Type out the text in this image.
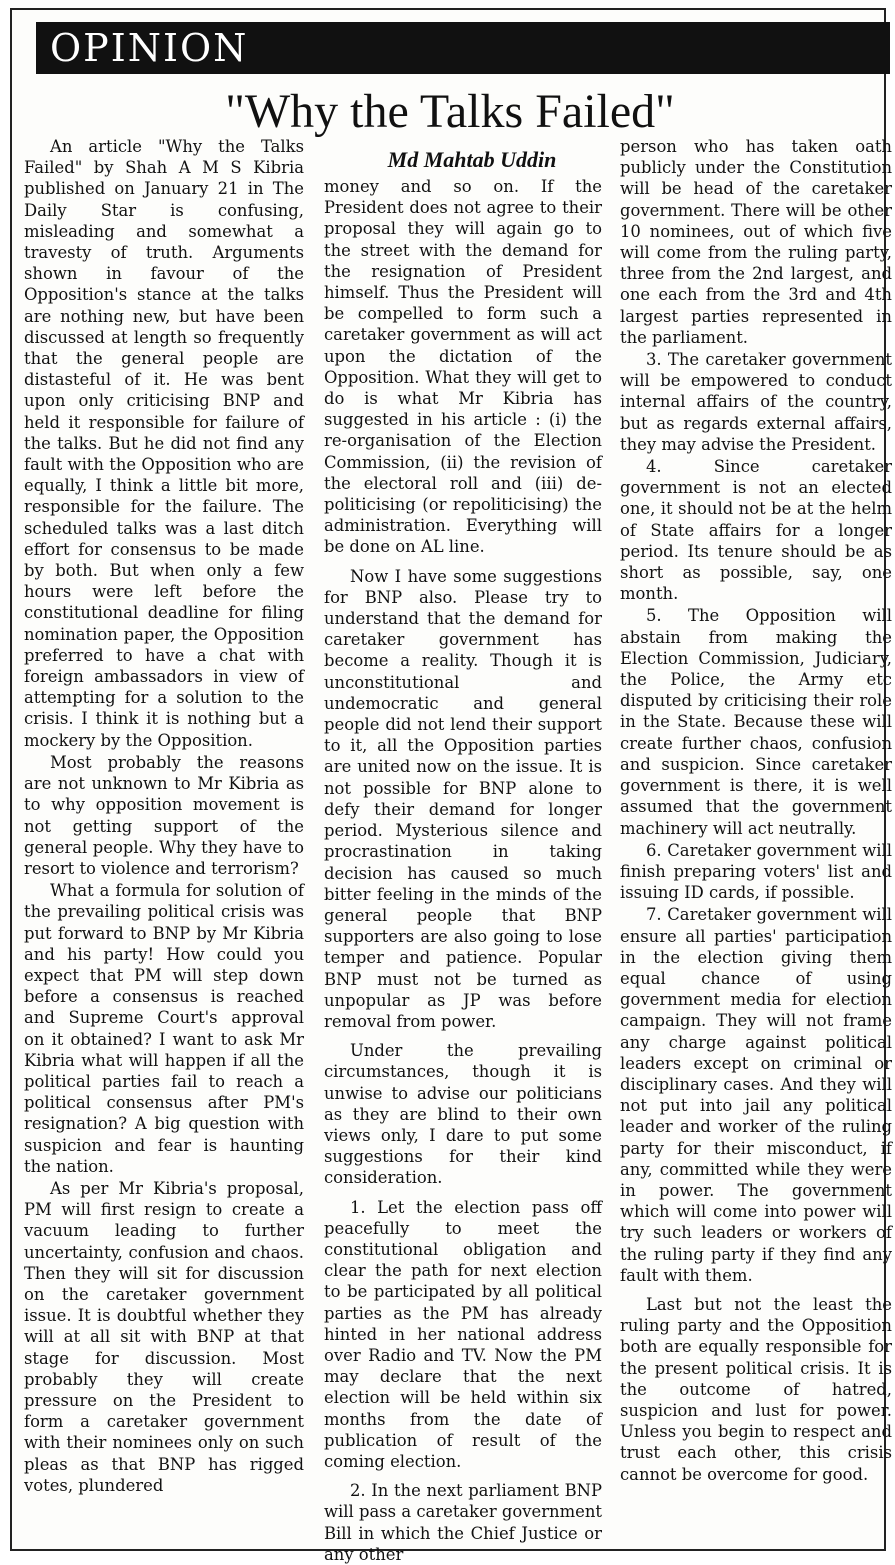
OPINION
"Why the Talks Failed"
Md Mahtab Uddin

An article "Why the Talks Failed" by Shah A M S Kibria published on January 21 in The Daily Star is confusing, misleading and somewhat a travesty of truth. Arguments shown in favour of the Opposition's stance at the talks are nothing new, but have been discussed at length so frequently that the general people are distasteful of it. He was bent upon only criticising BNP and held it responsible for failure of the talks. But he did not find any fault with the Opposition who are equally, I think a little bit more, responsible for the failure. The scheduled talks was a last ditch effort for consensus to be made by both. But when only a few hours were left before the constitutional deadline for filing nomination paper, the Opposition preferred to have a chat with foreign ambassadors in view of attempting for a solution to the crisis. I think it is nothing but a mockery by the Opposition.

Most probably the reasons are not unknown to Mr Kibria as to why opposition movement is not getting support of the general people. Why they have to resort to violence and terrorism?

What a formula for solution of the prevailing political crisis was put forward to BNP by Mr Kibria and his party! How could you expect that PM will step down before a consensus is reached and Supreme Court's approval on it obtained? I want to ask Mr Kibria what will happen if all the political parties fail to reach a political consensus after PM's resignation? A big question with suspicion and fear is haunting the nation.

As per Mr Kibria's proposal, PM will first resign to create a vacuum leading to further uncertainty, confusion and chaos. Then they will sit for discussion on the caretaker government issue. It is doubtful whether they will at all sit with BNP at that stage for discussion. Most probably they will create pressure on the President to form a caretaker government with their nominees only on such pleas as that BNP has rigged votes, plundered

money and so on. If the President does not agree to their proposal they will again go to the street with the demand for the resignation of President himself. Thus the President will be compelled to form such a caretaker government as will act upon the dictation of the Opposition. What they will get to do is what Mr Kibria has suggested in his article : (i) the re-organisation of the Election Commission, (ii) the revision of the electoral roll and (iii) de-politicising (or repoliticising) the administration. Everything will be done on AL line.

Now I have some suggestions for BNP also. Please try to understand that the demand for caretaker government has become a reality. Though it is unconstitutional and undemocratic and general people did not lend their support to it, all the Opposition parties are united now on the issue. It is not possible for BNP alone to defy their demand for longer period. Mysterious silence and procrastination in taking decision has caused so much bitter feeling in the minds of the general people that BNP supporters are also going to lose temper and patience. Popular BNP must not be turned as unpopular as JP was before removal from power.

Under the prevailing circumstances, though it is unwise to advise our politicians as they are blind to their own views only, I dare to put some suggestions for their kind consideration.

1. Let the election pass off peacefully to meet the constitutional obligation and clear the path for next election to be participated by all political parties as the PM has already hinted in her national address over Radio and TV. Now the PM may declare that the next election will be held within six months from the date of publication of result of the coming election.

2. In the next parliament BNP will pass a caretaker government Bill in which the Chief Justice or any other

person who has taken oath publicly under the Constitution will be head of the caretaker government. There will be other 10 nominees, out of which five will come from the ruling party, three from the 2nd largest, and one each from the 3rd and 4th largest parties represented in the parliament.

3. The caretaker government will be empowered to conduct internal affairs of the country, but as regards external affairs, they may advise the President.

4. Since caretaker government is not an elected one, it should not be at the helm of State affairs for a longer period. Its tenure should be as short as possible, say, one month.

5. The Opposition will abstain from making the Election Commission, Judiciary, the Police, the Army etc disputed by criticising their role in the State. Because these will create further chaos, confusion and suspicion. Since caretaker government is there, it is well assumed that the government machinery will act neutrally.

6. Caretaker government will finish preparing voters' list and issuing ID cards, if possible.

7. Caretaker government will ensure all parties' participation in the election giving them equal chance of using government media for election campaign. They will not frame any charge against political leaders except on criminal or disciplinary cases. And they will not put into jail any political leader and worker of the ruling party for their misconduct, if any, committed while they were in power. The government which will come into power will try such leaders or workers of the ruling party if they find any fault with them.

Last but not the least the ruling party and the Opposition both are equally responsible for the present political crisis. It is the outcome of hatred, suspicion and lust for power. Unless you begin to respect and trust each other, this crisis cannot be overcome for good.
